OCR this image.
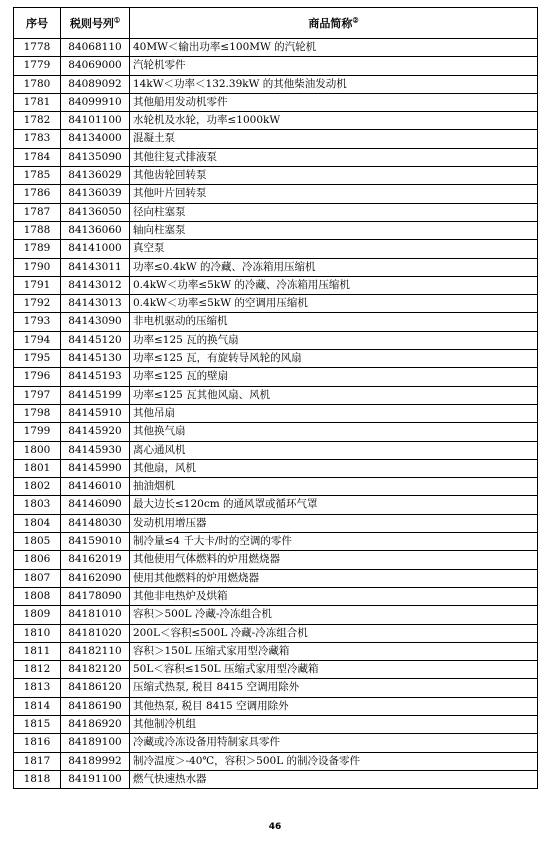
序号	税则号列①	商品简称②
1778	84068110	40MW＜输出功率≤100MW 的汽轮机
1779	84069000	汽轮机零件
1780	84089092	14kW＜功率＜132.39kW 的其他柴油发动机
1781	84099910	其他船用发动机零件
1782	84101100	水轮机及水轮，功率≤1000kW
1783	84134000	混凝土泵
1784	84135090	其他往复式排液泵
1785	84136029	其他齿轮回转泵
1786	84136039	其他叶片回转泵
1787	84136050	径向柱塞泵
1788	84136060	轴向柱塞泵
1789	84141000	真空泵
1790	84143011	功率≤0.4kW 的冷藏、冷冻箱用压缩机
1791	84143012	0.4kW＜功率≤5kW 的冷藏、冷冻箱用压缩机
1792	84143013	0.4kW＜功率≤5kW 的空调用压缩机
1793	84143090	非电机驱动的压缩机
1794	84145120	功率≤125 瓦的换气扇
1795	84145130	功率≤125 瓦，有旋转导风轮的风扇
1796	84145193	功率≤125 瓦的壁扇
1797	84145199	功率≤125 瓦其他风扇、风机
1798	84145910	其他吊扇
1799	84145920	其他换气扇
1800	84145930	离心通风机
1801	84145990	其他扇，风机
1802	84146010	抽油烟机
1803	84146090	最大边长≤120cm 的通风罩或循环气罩
1804	84148030	发动机用增压器
1805	84159010	制冷量≤4 千大卡/时的空调的零件
1806	84162019	其他使用气体燃料的炉用燃烧器
1807	84162090	使用其他燃料的炉用燃烧器
1808	84178090	其他非电热炉及烘箱
1809	84181010	容积＞500L 冷藏-冷冻组合机
1810	84181020	200L＜容积≤500L 冷藏-冷冻组合机
1811	84182110	容积＞150L 压缩式家用型冷藏箱
1812	84182120	50L＜容积≤150L 压缩式家用型冷藏箱
1813	84186120	压缩式热泵, 税目 8415 空调用除外
1814	84186190	其他热泵, 税目 8415 空调用除外
1815	84186920	其他制冷机组
1816	84189100	冷藏或冷冻设备用特制家具零件
1817	84189992	制冷温度＞-40℃，容积＞500L 的制冷设备零件
1818	84191100	燃气快速热水器
46
